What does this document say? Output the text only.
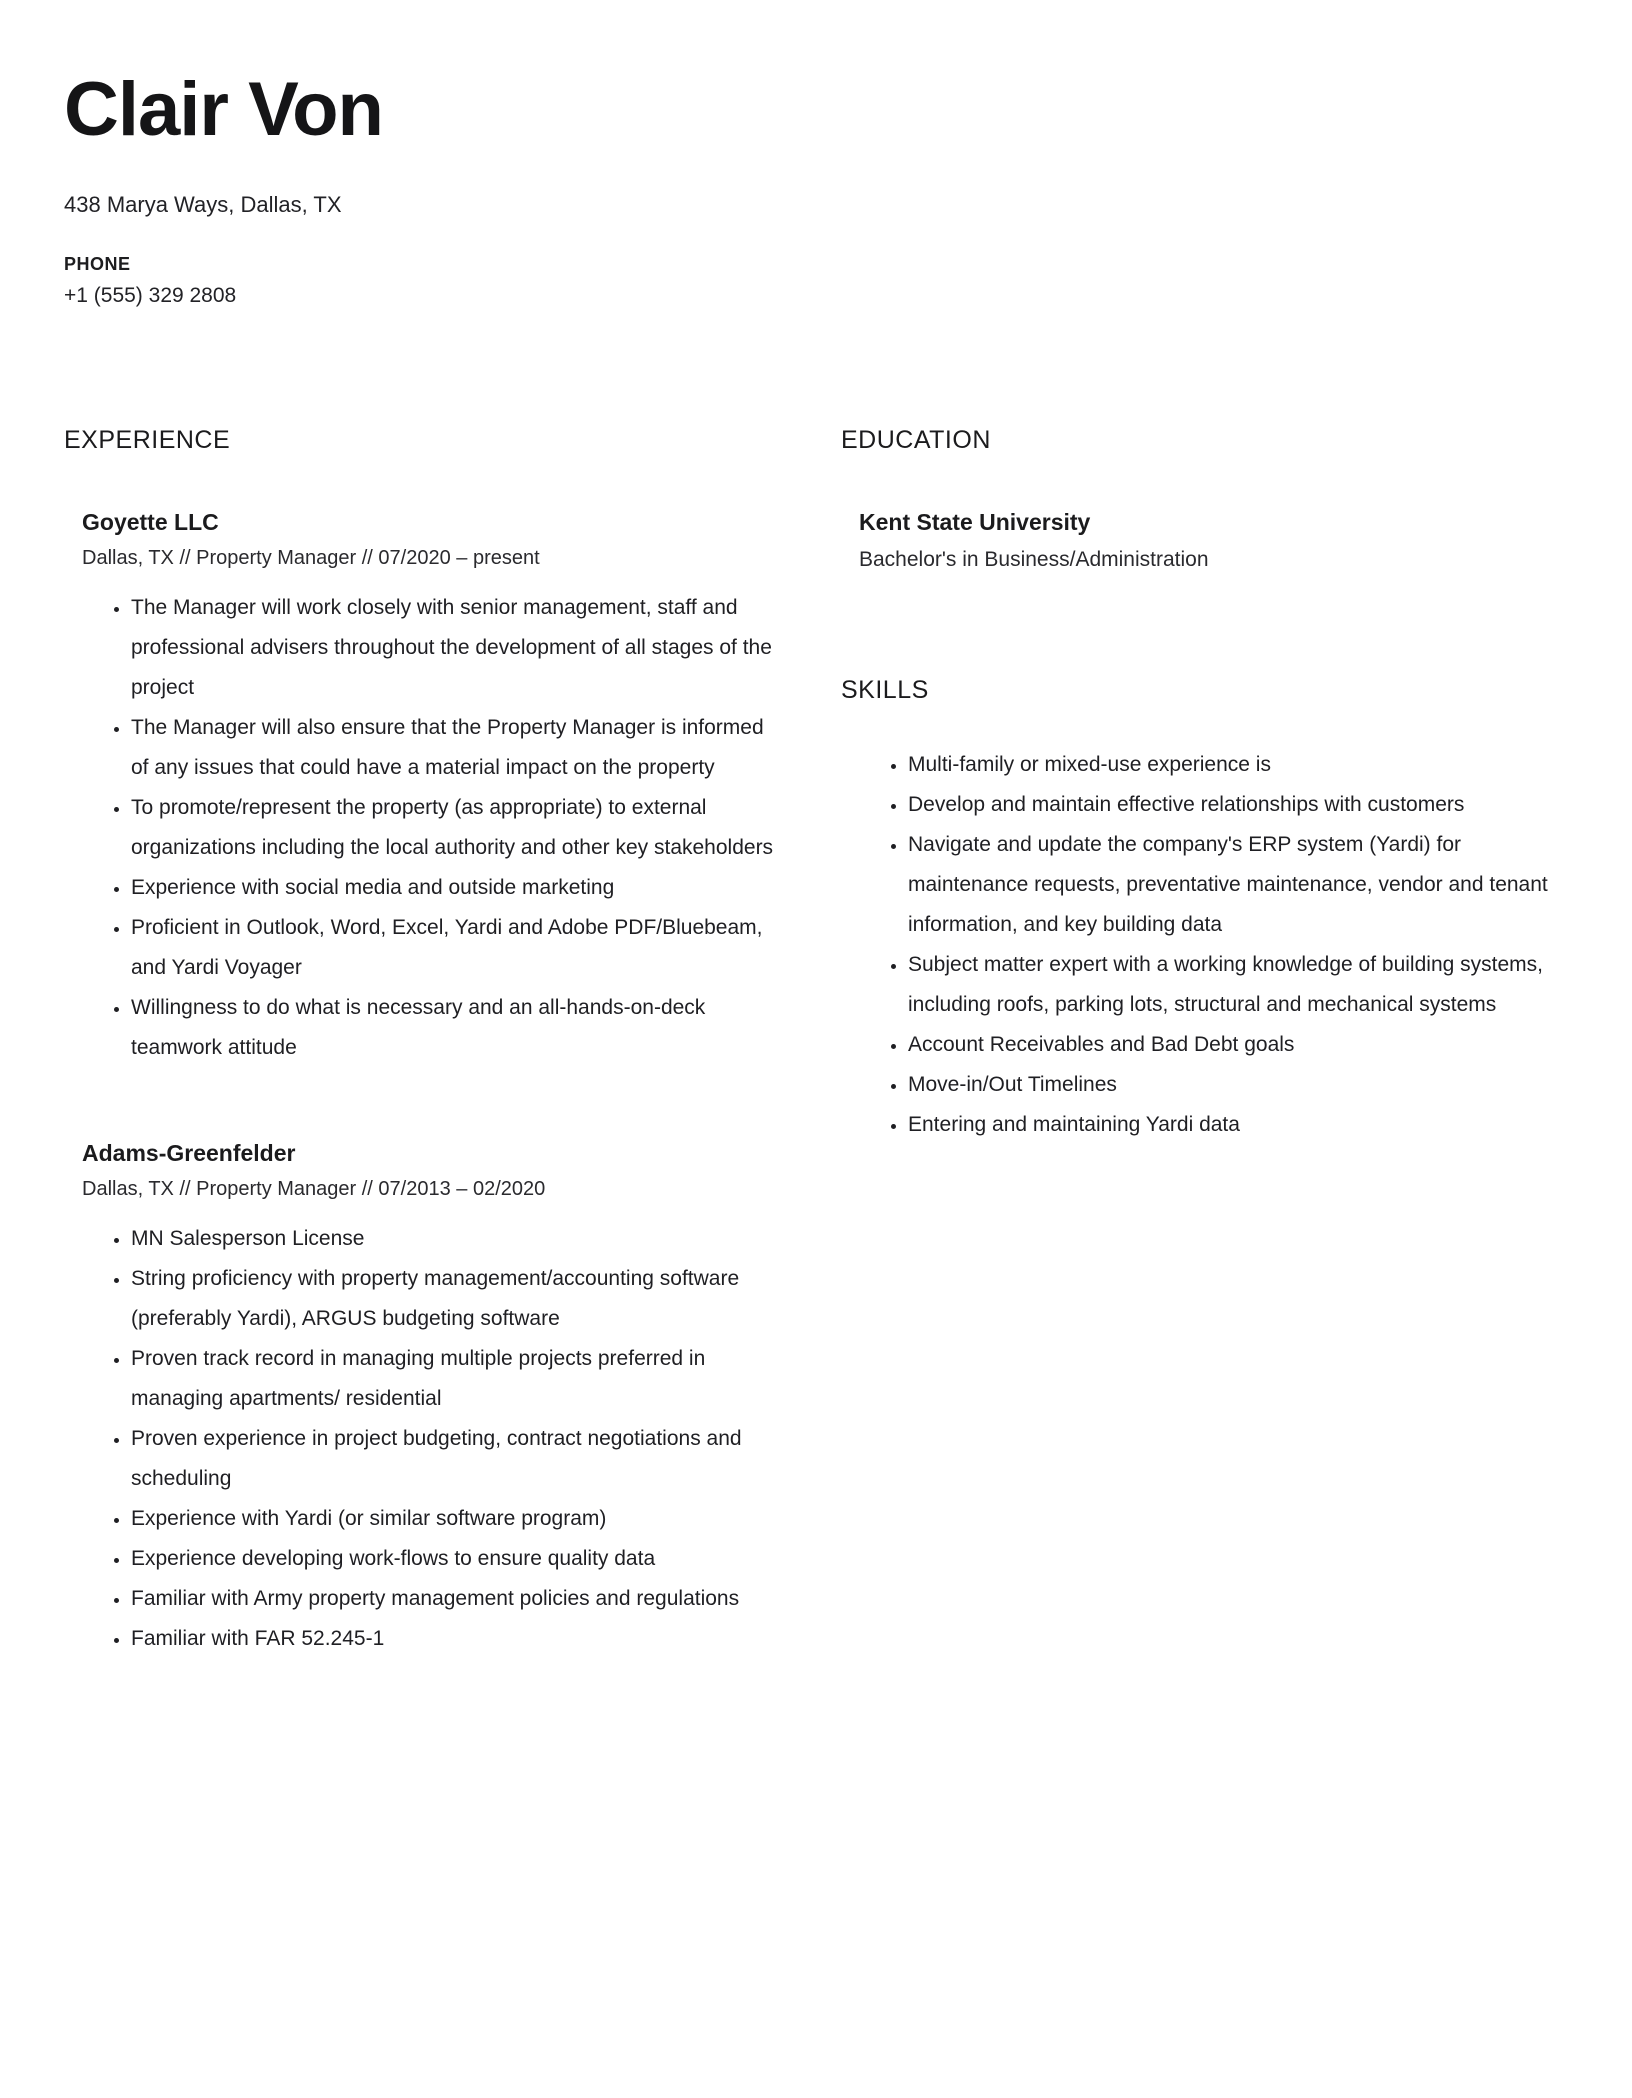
Clair Von
438 Marya Ways, Dallas, TX
PHONE
+1 (555) 329 2808
EXPERIENCE
Goyette LLC
Dallas, TX // Property Manager // 07/2020 – present
• The Manager will work closely with senior management, staff and professional advisers throughout the development of all stages of the project
• The Manager will also ensure that the Property Manager is informed of any issues that could have a material impact on the property
• To promote/represent the property (as appropriate) to external organizations including the local authority and other key stakeholders
• Experience with social media and outside marketing
• Proficient in Outlook, Word, Excel, Yardi and Adobe PDF/Bluebeam, and Yardi Voyager
• Willingness to do what is necessary and an all-hands-on-deck teamwork attitude
Adams-Greenfelder
Dallas, TX // Property Manager // 07/2013 – 02/2020
• MN Salesperson License
• String proficiency with property management/accounting software (preferably Yardi), ARGUS budgeting software
• Proven track record in managing multiple projects preferred in managing apartments/ residential
• Proven experience in project budgeting, contract negotiations and scheduling
• Experience with Yardi (or similar software program)
• Experience developing work-flows to ensure quality data
• Familiar with Army property management policies and regulations
• Familiar with FAR 52.245-1
EDUCATION
Kent State University
Bachelor's in Business/Administration
SKILLS
• Multi-family or mixed-use experience is
• Develop and maintain effective relationships with customers
• Navigate and update the company's ERP system (Yardi) for maintenance requests, preventative maintenance, vendor and tenant information, and key building data
• Subject matter expert with a working knowledge of building systems, including roofs, parking lots, structural and mechanical systems
• Account Receivables and Bad Debt goals
• Move-in/Out Timelines
• Entering and maintaining Yardi data
